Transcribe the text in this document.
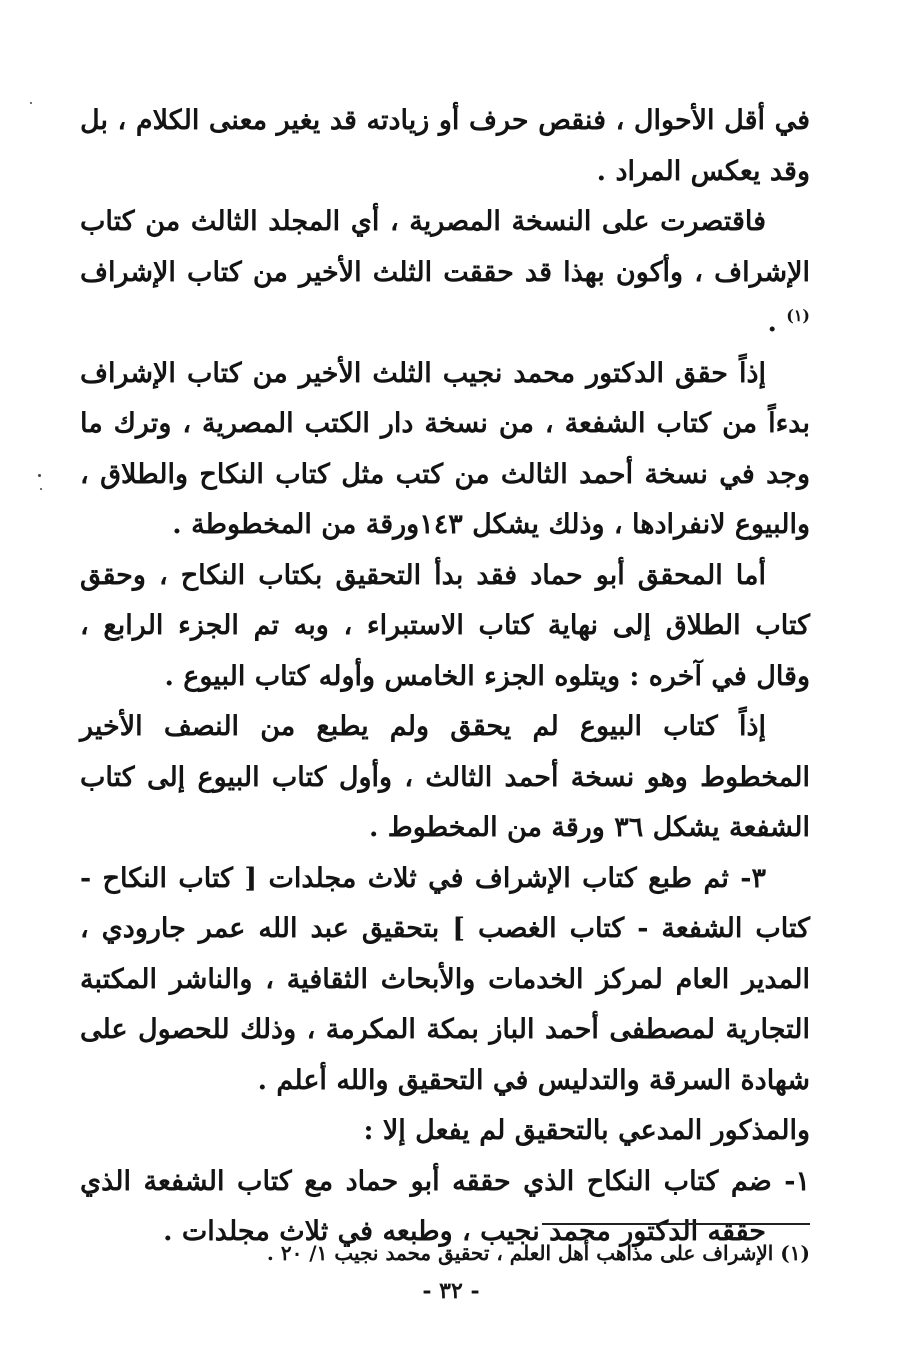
في أقل الأحوال ، فنقص حرف أو زيادته قد يغير معنى الكلام ، بل وقد يعكس المراد .

فاقتصرت على النسخة المصرية ، أي المجلد الثالث من كتاب الإشراف ، وأكون بهذا قد حققت الثلث الأخير من كتاب الإشراف $^{(١)}$ .

إذاً حقق الدكتور محمد نجيب الثلث الأخير من كتاب الإشراف بدءاً من كتاب الشفعة ، من نسخة دار الكتب المصرية ، وترك ما وجد في نسخة أحمد الثالث من كتب مثل كتاب النكاح والطلاق ، والبيوع لانفرادها ، وذلك يشكل ١٤٣ورقة من المخطوطة .

أما المحقق أبو حماد فقد بدأ التحقيق بكتاب النكاح ، وحقق كتاب الطلاق إلى نهاية كتاب الاستبراء ، وبه تم الجزء الرابع ، وقال في آخره : ويتلوه الجزء الخامس وأوله كتاب البيوع .

إذاً كتاب البيوع لم يحقق ولم يطبع من النصف الأخير المخطوط وهو نسخة أحمد الثالث ، وأول كتاب البيوع إلى كتاب الشفعة يشكل ٣٦ ورقة من المخطوط .

٣- ثم طبع كتاب الإشراف في ثلاث مجلدات [ كتاب النكاح - كتاب الشفعة - كتاب الغصب ] بتحقيق عبد الله عمر جارودي ، المدير العام لمركز الخدمات والأبحاث الثقافية ، والناشر المكتبة التجارية لمصطفى أحمد الباز بمكة المكرمة ، وذلك للحصول على شهادة السرقة والتدليس في التحقيق والله أعلم .

والمذكور المدعي بالتحقيق لم يفعل إلا :

١- ضم كتاب النكاح الذي حققه أبو حماد مع كتاب الشفعة الذي حققه الدكتور محمد نجيب ، وطبعه في ثلاث مجلدات .

(١) الإشراف على مذاهب أهل العلم ، تحقيق محمد نجيب ١/ ٢٠ .
- ٣٢ -
